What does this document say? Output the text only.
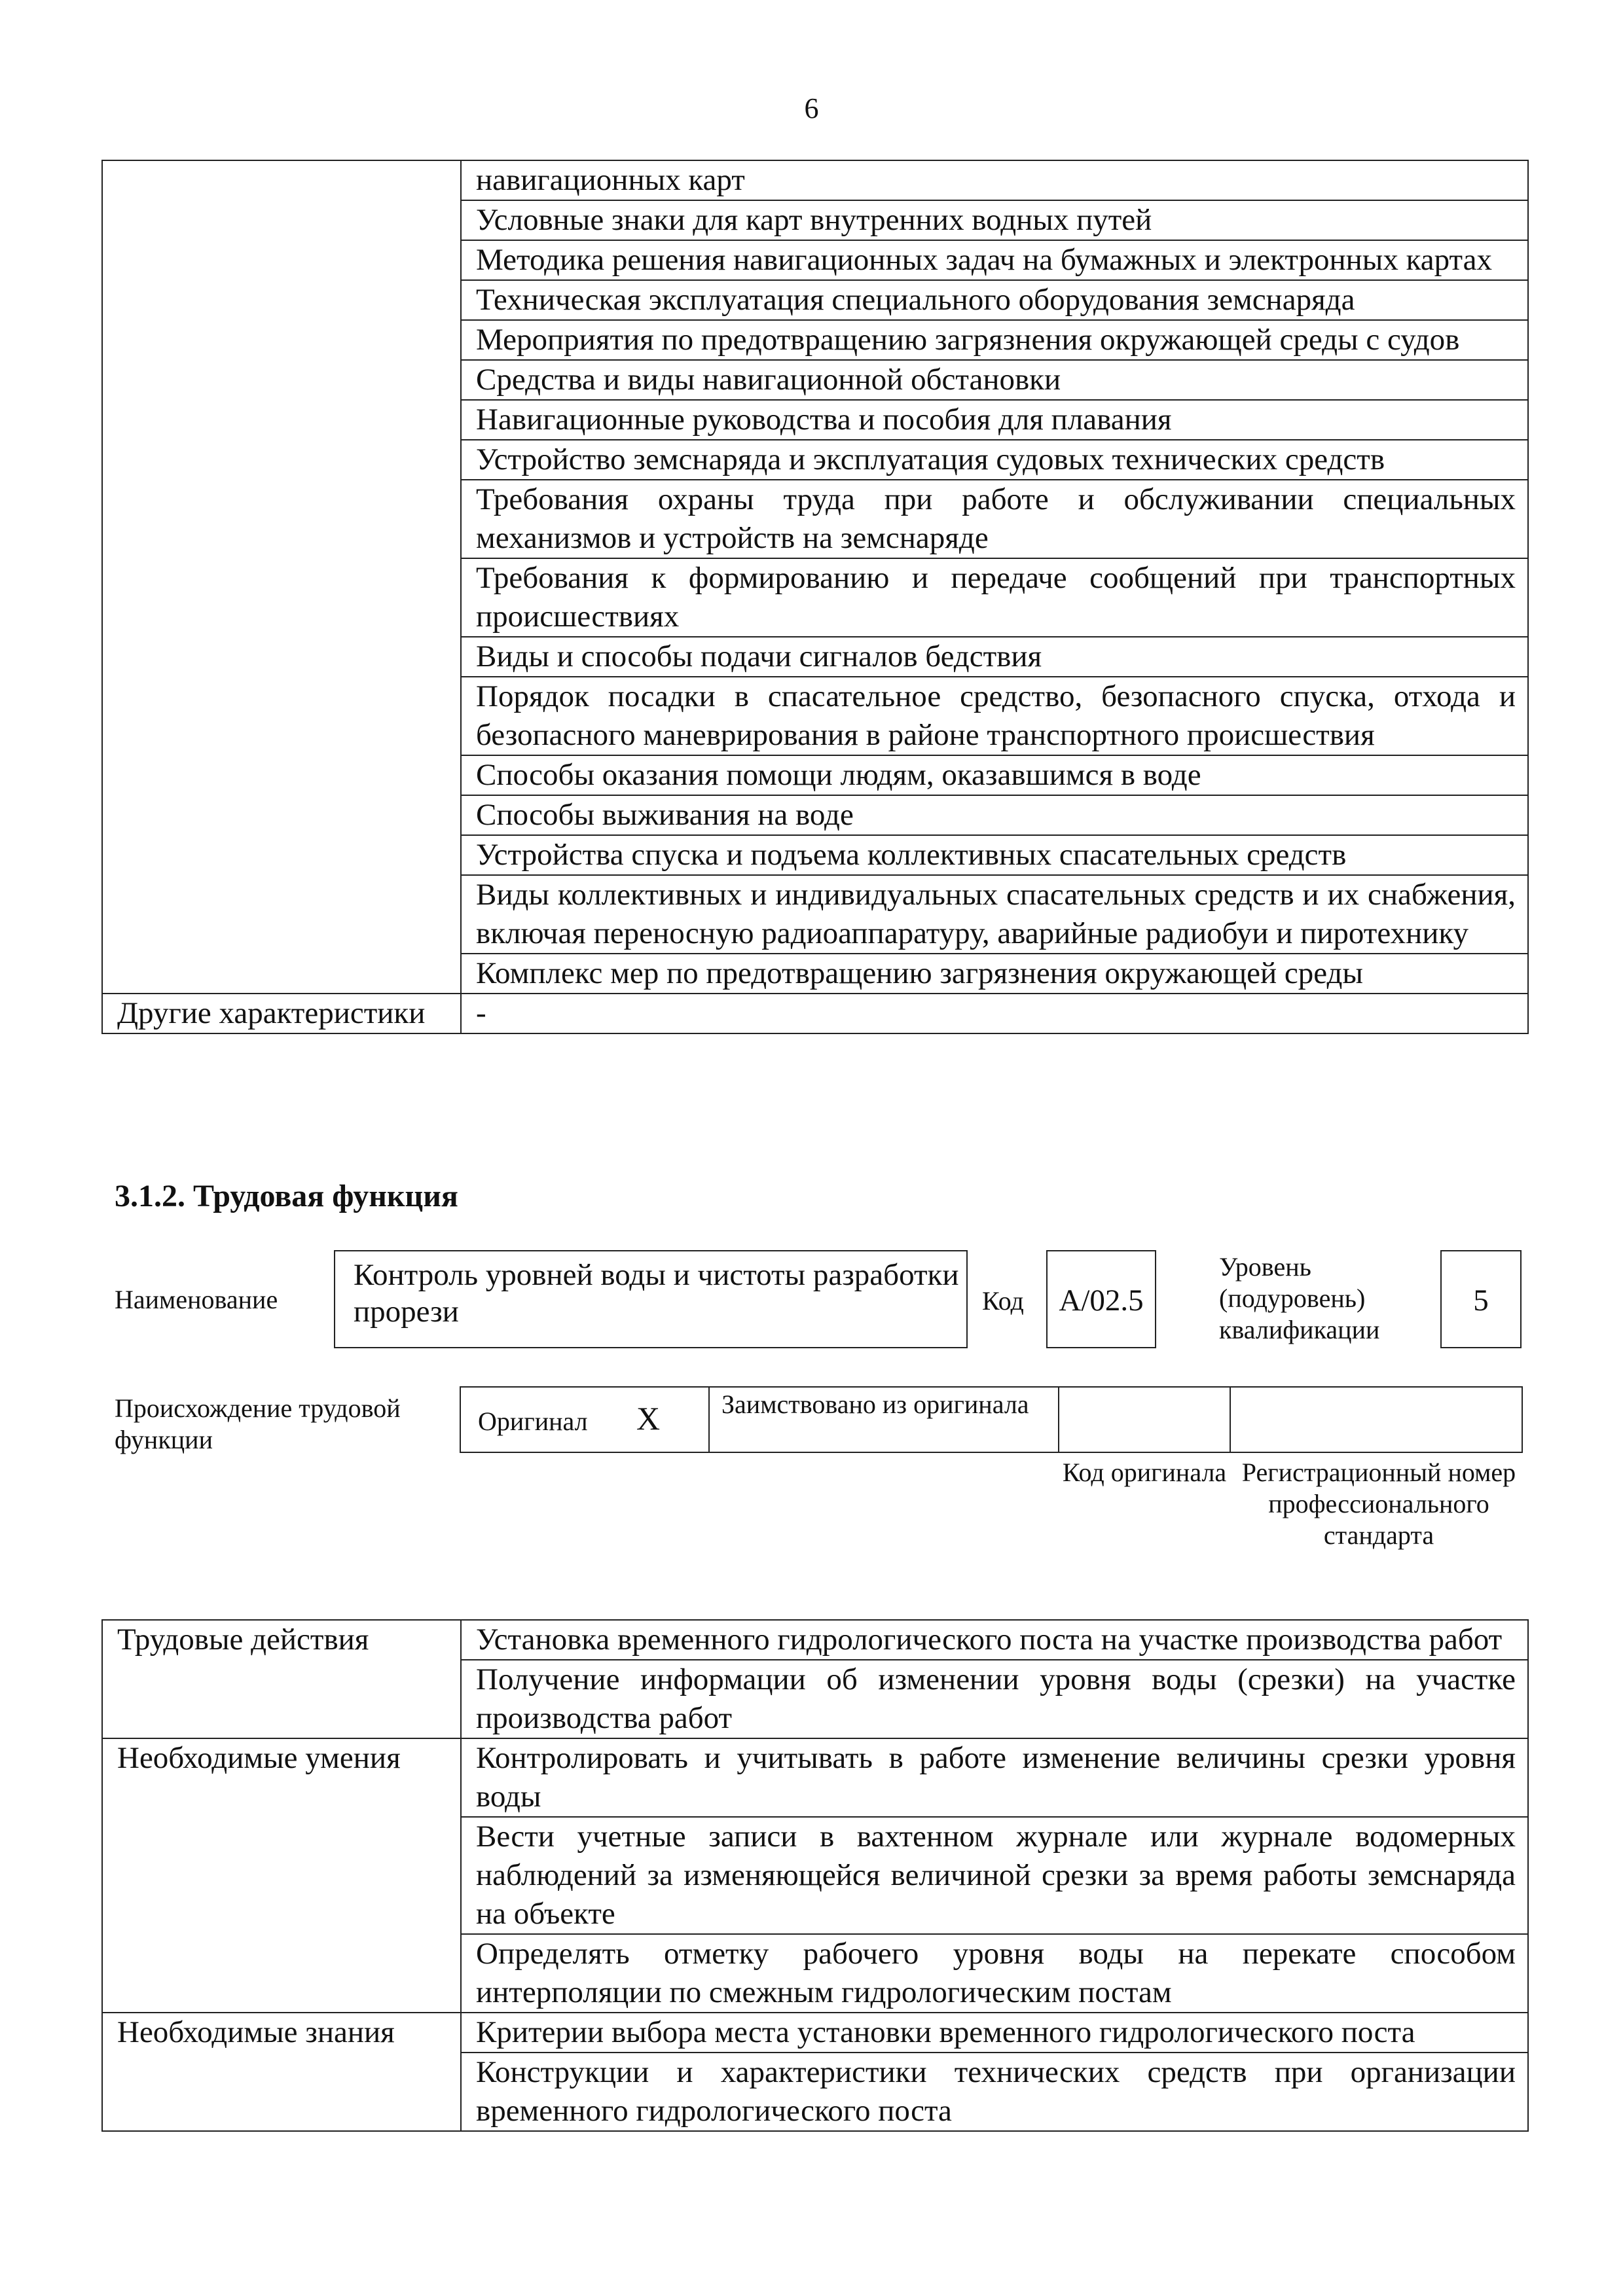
6
	навигационных карт
	Условные знаки для карт внутренних водных путей
	Методика решения навигационных задач на бумажных и электронных картах
	Техническая эксплуатация специального оборудования земснаряда
	Мероприятия по предотвращению загрязнения окружающей среды с судов
	Средства и виды навигационной обстановки
	Навигационные руководства и пособия для плавания
	Устройство земснаряда и эксплуатация судовых технических средств
	Требования охраны труда при работе и обслуживании специальных механизмов и устройств на земснаряде
	Требования к формированию и передаче сообщений при транспортных происшествиях
	Виды и способы подачи сигналов бедствия
	Порядок посадки в спасательное средство, безопасного спуска, отхода и безопасного маневрирования в районе транспортного происшествия
	Способы оказания помощи людям, оказавшимся в воде
	Способы выживания на воде
	Устройства спуска и подъема коллективных спасательных средств
	Виды коллективных и индивидуальных спасательных средств и их снабжения, включая переносную радиоаппаратуру, аварийные радиобуи и пиротехнику
	Комплекс мер по предотвращению загрязнения окружающей среды
Другие характеристики	-
3.1.2. Трудовая функция
Наименование
Контроль уровней воды и чистоты разработки прорези	Код	А/02.5
Уровень (подуровень) квалификации
5
Происхождение трудовой функции
Оригинал X Заимствовано из оригинала
Код оригинала Регистрационный номер профессионального стандарта
Трудовые действия	Установка временного гидрологического поста на участке производства работ
	Получение информации об изменении уровня воды (срезки) на участке производства работ
Необходимые умения	Контролировать и учитывать в работе изменение величины срезки уровня воды
	Вести учетные записи в вахтенном журнале или журнале водомерных наблюдений за изменяющейся величиной срезки за время работы земснаряда на объекте
	Определять отметку рабочего уровня воды на перекате способом интерполяции по смежным гидрологическим постам
Необходимые знания	Критерии выбора места установки временного гидрологического поста
	Конструкции и характеристики технических средств при организации временного гидрологического поста
